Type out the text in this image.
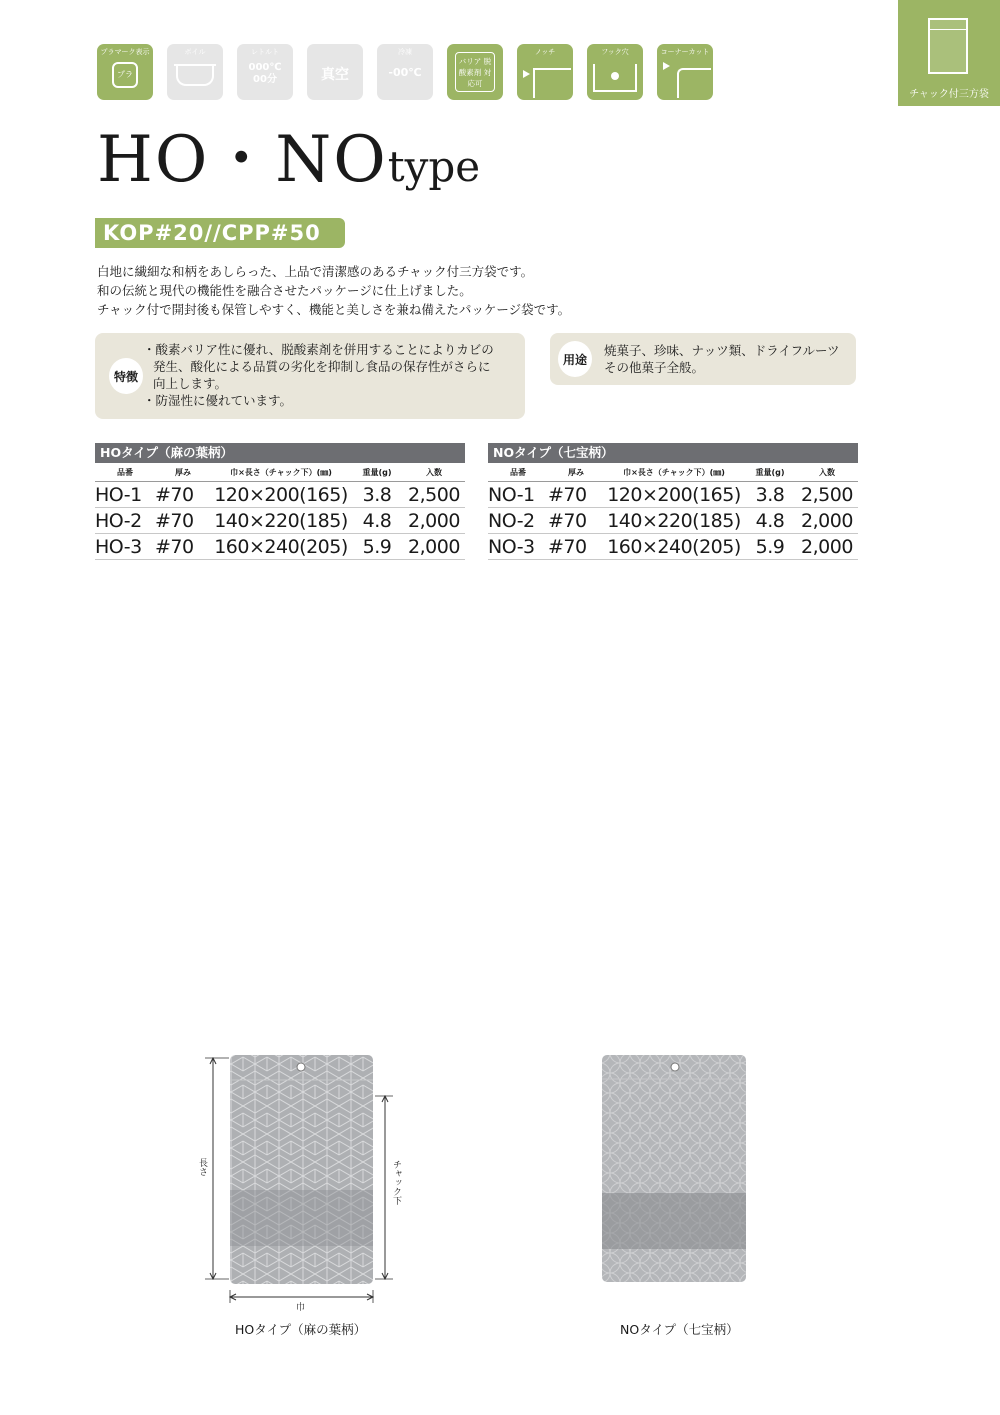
プラマーク表示
プラ
ボイル	レトルト
000℃ 00分	真空
冷凍
-00℃
バリア 脱酸素剤 対応可
ノッチ	フック穴	コーナーカット
チャック付三方袋
HO・NOtype
KOP#20//CPP#50
白地に繊細な和柄をあしらった、上品で清潔感のあるチャック付三方袋です。
和の伝統と現代の機能性を融合させたパッケージに仕上げました。
チャック付で開封後も保管しやすく、機能と美しさを兼ね備えたパッケージ袋です。
特徴
・酸素バリア性に優れ、脱酸素剤を併用することによりカビの
発生、酸化による品質の劣化を抑制し食品の保存性がさらに
向上します。
・防湿性に優れています。
用途
焼菓子、珍味、ナッツ類、ドライフルーツ
その他菓子全般。
HOタイプ（麻の葉柄）
品番	厚み	巾×長さ（チャック下）(㎜)	重量(g)	入数
HO-1	#70	120×200(165)	3.8	2,500
HO-2	#70	140×220(185)	4.8	2,000
HO-3	#70	160×240(205)	5.9	2,000
NOタイプ（七宝柄）
品番	厚み	巾×長さ（チャック下）(㎜)	重量(g)	入数
NO-1	#70	120×200(165)	3.8	2,500
NO-2	#70	140×220(185)	4.8	2,000
NO-3	#70	160×240(205)	5.9	2,000
長さ	チャック下
巾
HOタイプ（麻の葉柄）	NOタイプ（七宝柄）
